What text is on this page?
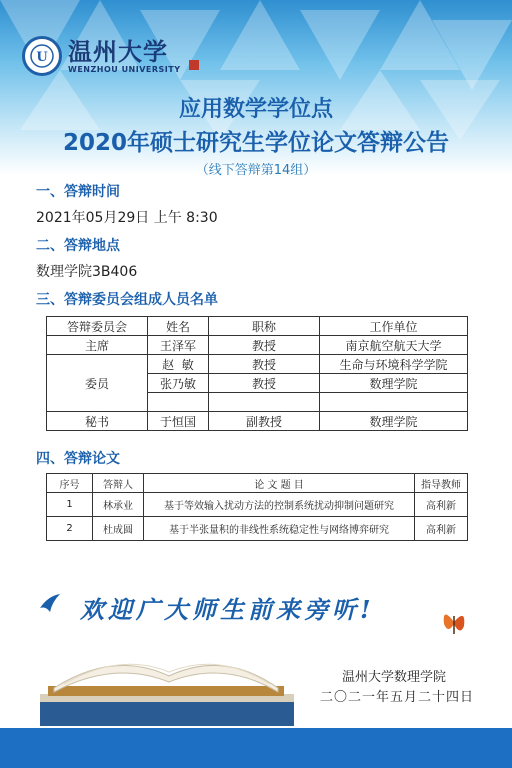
U 温州大学
WENZHOU UNIVERSITY
应用数学学位点
2020年硕士研究生学位论文答辩公告
（线下答辩第14组）
一、答辩时间
2021年05月29日 上午 8:30
二、答辩地点
数理学院3B406
三、答辩委员会组成人员名单
答辩委员会	姓名	职称	工作单位
主席	王泽军	教授	南京航空航天大学
委员	赵  敏	教授	生命与环境科学学院
	张乃敏	教授	数理学院

秘书	于恒国	副教授	数理学院
四、答辩论文
序号	答辩人	论 文 题 目	指导教师
1	林承业	基于等效输入扰动方法的控制系统扰动抑制问题研究	高利新
2	杜成圆	基于半张量积的非线性系统稳定性与网络博弈研究	高利新
欢迎广大师生前来旁听!
温州大学数理学院
二〇二一年五月二十四日
